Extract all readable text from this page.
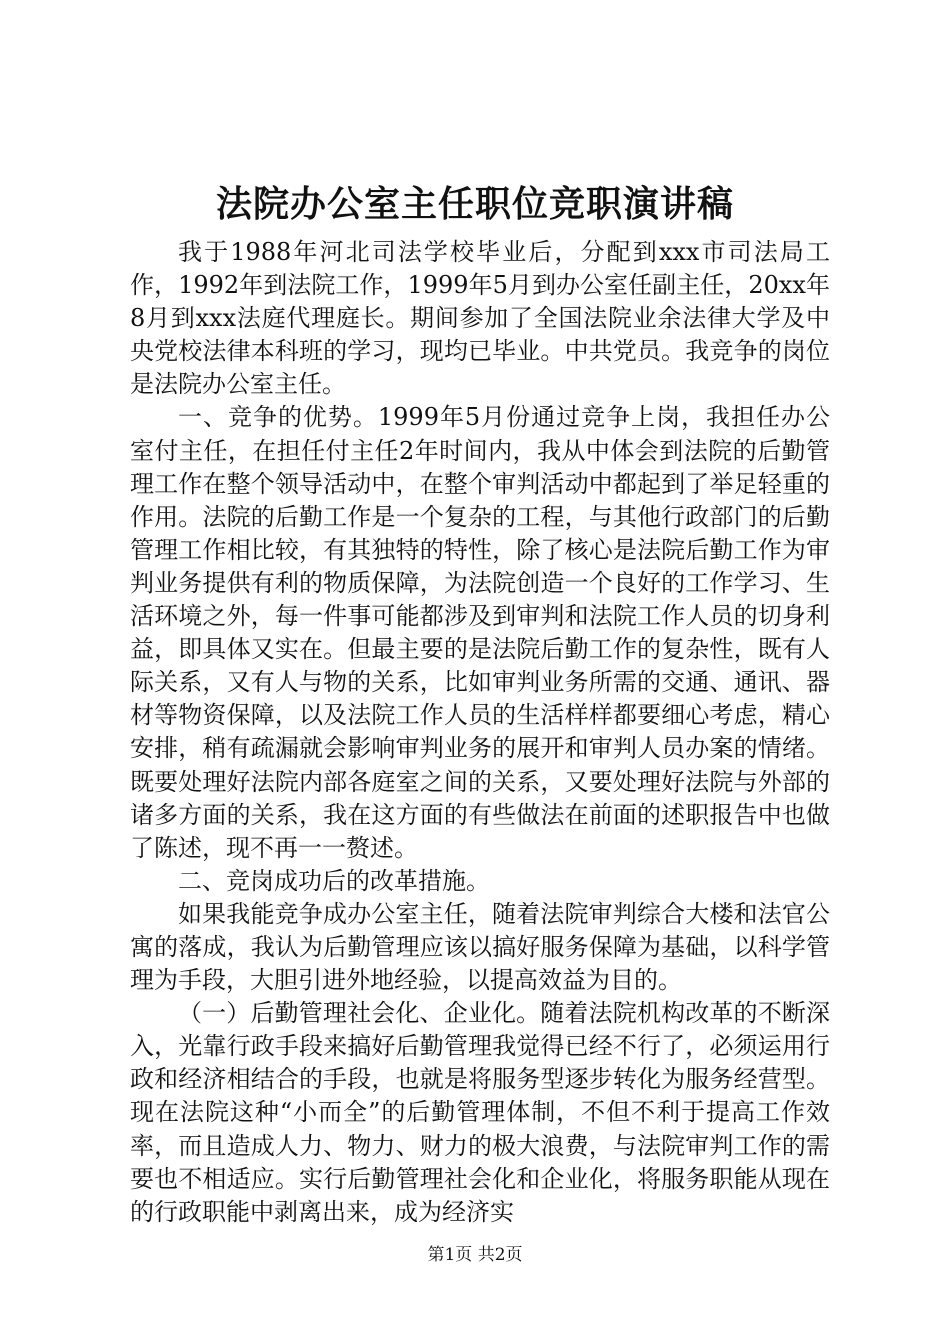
法院办公室主任职位竞职演讲稿

我于1988年河北司法学校毕业后，分配到xxx市司法局工作，1992年到法院工作，1999年5月到办公室任副主任，20xx年8月到xxx法庭代理庭长。期间参加了全国法院业余法律大学及中央党校法律本科班的学习，现均已毕业。中共党员。我竞争的岗位是法院办公室主任。

一、竞争的优势。1999年5月份通过竞争上岗，我担任办公室付主任，在担任付主任2年时间内，我从中体会到法院的后勤管理工作在整个领导活动中，在整个审判活动中都起到了举足轻重的作用。法院的后勤工作是一个复杂的工程，与其他行政部门的后勤管理工作相比较，有其独特的特性，除了核心是法院后勤工作为审判业务提供有利的物质保障，为法院创造一个良好的工作学习、生活环境之外，每一件事可能都涉及到审判和法院工作人员的切身利益，即具体又实在。但最主要的是法院后勤工作的复杂性，既有人际关系，又有人与物的关系，比如审判业务所需的交通、通讯、器材等物资保障，以及法院工作人员的生活样样都要细心考虑，精心安排，稍有疏漏就会影响审判业务的展开和审判人员办案的情绪。既要处理好法院内部各庭室之间的关系，又要处理好法院与外部的诸多方面的关系，我在这方面的有些做法在前面的述职报告中也做了陈述，现不再一一赘述。

二、竞岗成功后的改革措施。

如果我能竞争成办公室主任，随着法院审判综合大楼和法官公寓的落成，我认为后勤管理应该以搞好服务保障为基础，以科学管理为手段，大胆引进外地经验，以提高效益为目的。

（一）后勤管理社会化、企业化。随着法院机构改革的不断深入，光靠行政手段来搞好后勤管理我觉得已经不行了，必须运用行政和经济相结合的手段，也就是将服务型逐步转化为服务经营型。现在法院这种“小而全”的后勤管理体制，不但不利于提高工作效率，而且造成人力、物力、财力的极大浪费，与法院审判工作的需要也不相适应。实行后勤管理社会化和企业化，将服务职能从现在的行政职能中剥离出来，成为经济实

第1页 共2页
